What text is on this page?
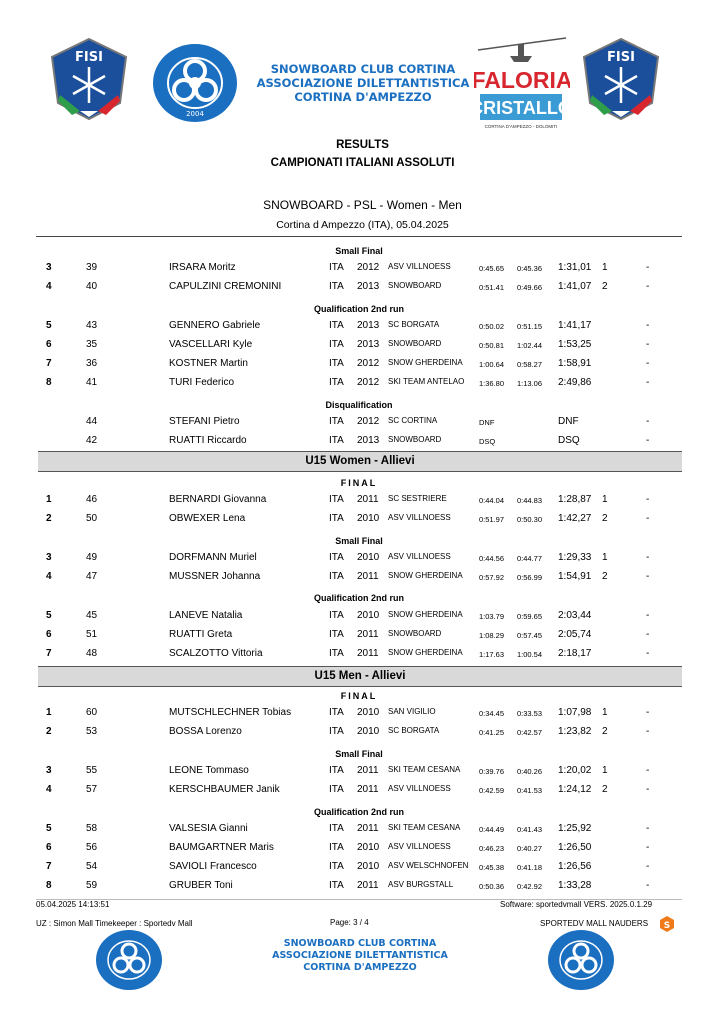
FISI
2004
SNOWBOARD CLUB CORTINA
ASSOCIAZIONE DILETTANTISTICA
CORTINA D'AMPEZZO
FALORIA
CRISTALLO
CORTINA D'AMPEZZO - DOLOMITI
FISI
RESULTS
CAMPIONATI ITALIANI ASSOLUTI
SNOWBOARD - PSL - Women - Men
Cortina d Ampezzo (ITA), 05.04.2025
Small Final
Qualification 2nd run
Disqualification
U15 Women - Allievi
FINAL
Small Final
Qualification 2nd run
U15 Men - Allievi
FINAL
Small Final
Qualification 2nd run
3	39	IRSARA Moritz	ITA 2012 ASV VILLNOESS	0:45.65 0:45.36 1:31,01 1	-
4	40	CAPULZINI CREMONINI	ITA 2013 SNOWBOARD	0:51.41 0:49.66 1:41,07 2	-
5	43	GENNERO Gabriele	ITA 2013 SC BORGATA	0:50.02 0:51.15 1:41,17	-
6	35	VASCELLARI Kyle	ITA 2013 SNOWBOARD	0:50.81 1:02.44 1:53,25	-
7	36	KOSTNER Martin	ITA 2012 SNOW GHERDEINA 1:00.64 0:58.27 1:58,91	-
8	41	TURI Federico	ITA 2012 SKI TEAM ANTELAO 1:36.80 1:13.06 2:49,86	-
44	STEFANI Pietro	ITA 2012 SC CORTINA	DNF	DNF	-
42	RUATTI Riccardo	ITA 2013 SNOWBOARD	DSQ	DSQ	-
1	46	BERNARDI Giovanna	ITA 2011 SC SESTRIERE	0:44.04 0:44.83 1:28,87 1	-
2	50	OBWEXER Lena	ITA 2010 ASV VILLNOESS	0:51.97 0:50.30 1:42,27 2	-
3	49	DORFMANN Muriel	ITA 2010 ASV VILLNOESS	0:44.56 0:44.77 1:29,33 1	-
4	47	MUSSNER Johanna	ITA 2011 SNOW GHERDEINA 0:57.92 0:56.99 1:54,91 2	-
5	45	LANEVE Natalia	ITA 2010 SNOW GHERDEINA 1:03.79 0:59.65 2:03,44	-
6	51	RUATTI Greta	ITA 2011 SNOWBOARD	1:08.29 0:57.45 2:05,74	-
7	48	SCALZOTTO Vittoria	ITA 2011 SNOW GHERDEINA 1:17.63 1:00.54 2:18,17	-
1	60	MUTSCHLECHNER Tobias	ITA 2010 SAN VIGILIO	0:34.45 0:33.53 1:07,98 1	-
2	53	BOSSA Lorenzo	ITA 2010 SC BORGATA	0:41.25 0:42.57 1:23,82 2	-
3	55	LEONE Tommaso	ITA 2011 SKI TEAM CESANA 0:39.76 0:40.26 1:20,02 1	-
4	57	KERSCHBAUMER Janik	ITA 2011 ASV VILLNOESS	0:42.59 0:41.53 1:24,12 2	-
5	58	VALSESIA Gianni	ITA 2011 SKI TEAM CESANA 0:44.49 0:41.43 1:25,92	-
6	56	BAUMGARTNER Maris	ITA 2010 ASV VILLNOESS	0:46.23 0:40.27 1:26,50	-
7	54	SAVIOLI Francesco	ITA 2010 ASV WELSCHNOFEN 0:45.38 0:41.18 1:26,56	-
8	59	GRUBER Toni	ITA 2011 ASV BURGSTALL	0:50.36 0:42.92 1:33,28	-
05.04.2025 14:13:51	Software: sportedvmall VERS. 2025.0.1.29
UZ : Simon Mall Timekeeper : Sportedv Mall	Page: 3 / 4	SPORTEDV MALL NAUDERS S
SNOWBOARD CLUB CORTINA
ASSOCIAZIONE DILETTANTISTICA
CORTINA D'AMPEZZO
